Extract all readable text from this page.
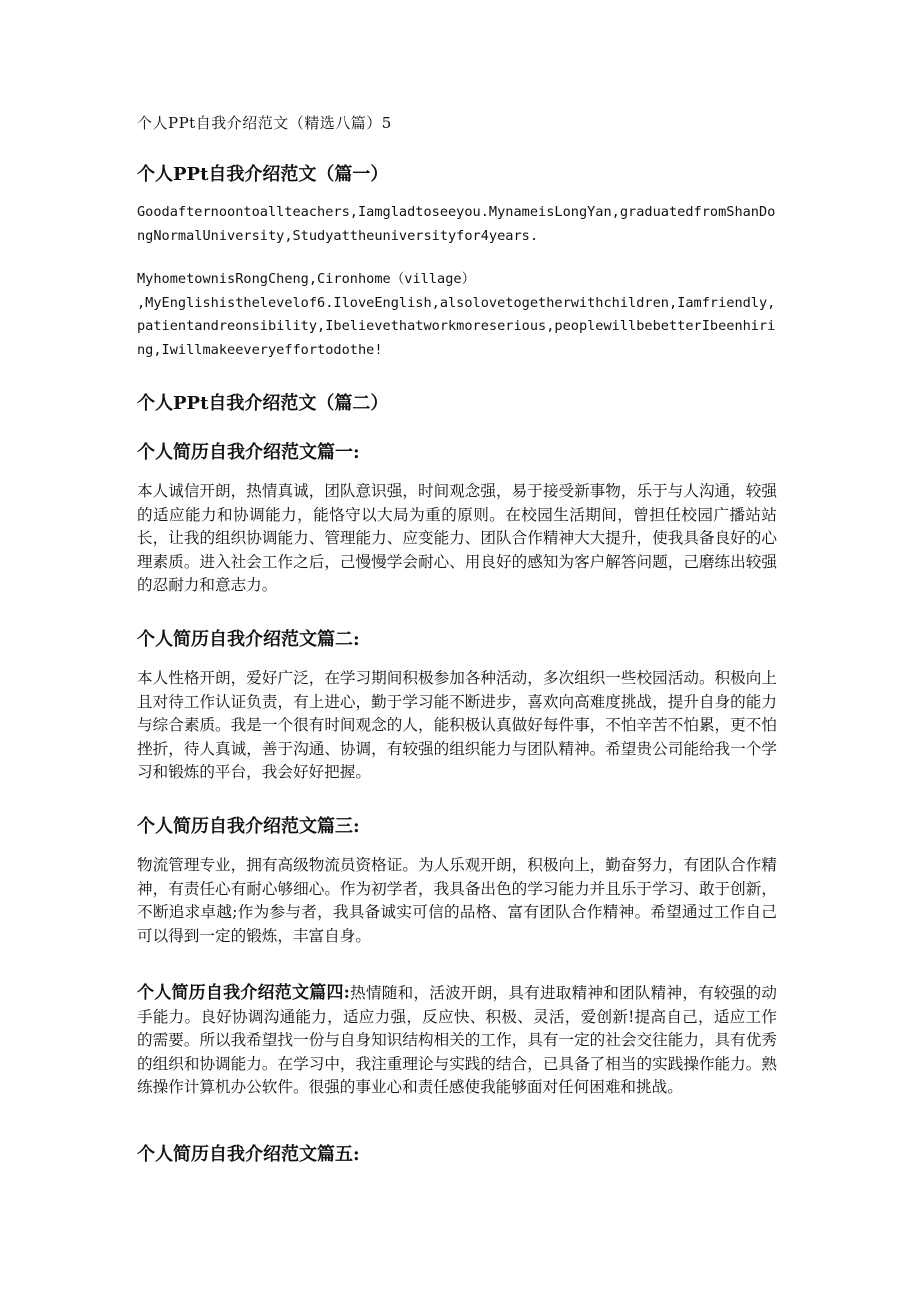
个人PPt自我介绍范文（精选八篇）5
个人PPt自我介绍范文（篇一）
Goodafternoontoallteachers,Iamgladtoseeyou.MynameisLongYan,graduatedfromShanDongNormalUniversity,Studyattheuniversityfor4years.
MyhometownisRongCheng,Cironhome（village）
,MyEnglishisthelevelof6.IloveEnglish,alsolovetogetherwithchildren,Iamfriendly,patientandreonsibility,Ibelievethatworkmoreserious,peoplewillbebetterIbeenhiring,Iwillmakeeveryeffortodothe!
个人PPt自我介绍范文（篇二）
个人简历自我介绍范文篇一:
本人诚信开朗，热情真诚，团队意识强，时间观念强，易于接受新事物，乐于与人沟通，较强的适应能力和协调能力，能恪守以大局为重的原则。在校园生活期间，曾担任校园广播站站长，让我的组织协调能力、管理能力、应变能力、团队合作精神大大提升，使我具备良好的心理素质。进入社会工作之后，己慢慢学会耐心、用良好的感知为客户解答问题，己磨练出较强的忍耐力和意志力。
个人简历自我介绍范文篇二:
本人性格开朗，爱好广泛，在学习期间积极参加各种活动，多次组织一些校园活动。积极向上且对待工作认证负责，有上进心，勤于学习能不断进步，喜欢向高难度挑战，提升自身的能力与综合素质。我是一个很有时间观念的人，能积极认真做好每件事，不怕辛苦不怕累，更不怕挫折，待人真诚，善于沟通、协调，有较强的组织能力与团队精神。希望贵公司能给我一个学习和锻炼的平台，我会好好把握。
个人简历自我介绍范文篇三:
物流管理专业，拥有高级物流员资格证。为人乐观开朗，积极向上，勤奋努力，有团队合作精神，有责任心有耐心够细心。作为初学者，我具备出色的学习能力并且乐于学习、敢于创新，不断追求卓越;作为参与者，我具备诚实可信的品格、富有团队合作精神。希望通过工作自己可以得到一定的锻炼，丰富自身。
个人简历自我介绍范文篇四:热情随和，活波开朗，具有进取精神和团队精神，有较强的动手能力。良好协调沟通能力，适应力强，反应快、积极、灵活，爱创新!提高自己，适应工作的需要。所以我希望找一份与自身知识结构相关的工作，具有一定的社会交往能力，具有优秀的组织和协调能力。在学习中，我注重理论与实践的结合，已具备了相当的实践操作能力。熟练操作计算机办公软件。很强的事业心和责任感使我能够面对任何困难和挑战。
个人简历自我介绍范文篇五:
